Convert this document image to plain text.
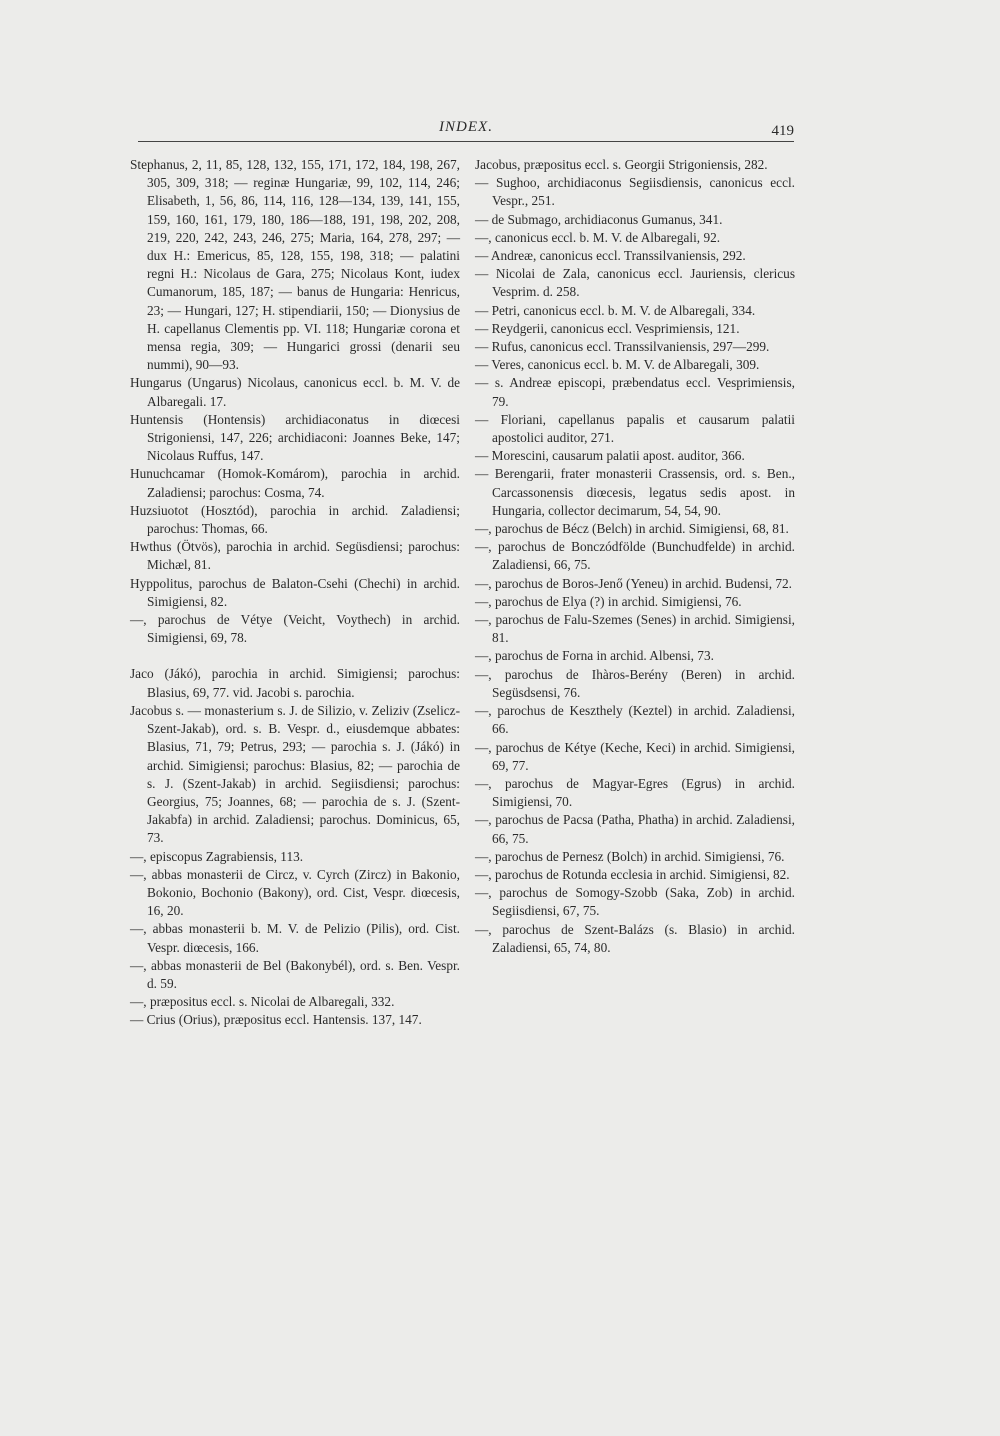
INDEX.	419

Stephanus, 2, 11, 85, 128, 132, 155, 171, 172, 184, 198, 267, 305, 309, 318; — reginæ Hungariæ, 99, 102, 114, 246; Elisabeth, 1, 56, 86, 114, 116, 128—134, 139, 141, 155, 159, 160, 161, 179, 180, 186—188, 191, 198, 202, 208, 219, 220, 242, 243, 246, 275; Maria, 164, 278, 297; — dux H.: Emericus, 85, 128, 155, 198, 318; — palatini regni H.: Nicolaus de Gara, 275; Nicolaus Kont, iudex Cumanorum, 185, 187; — banus de Hungaria: Henricus, 23; — Hungari, 127; H. stipendiarii, 150; — Dionysius de H. capellanus Clementis pp. VI. 118; Hungariæ corona et mensa regia, 309; — Hungarici grossi (denarii seu nummi), 90—93.

Hungarus (Ungarus) Nicolaus, canonicus eccl. b. M. V. de Albaregali. 17.

Huntensis (Hontensis) archidiaconatus in diœcesi Strigoniensi, 147, 226; archidiaconi: Joannes Beke, 147; Nicolaus Ruffus, 147.

Hunuchcamar (Homok-Komárom), parochia in archid. Zaladiensi; parochus: Cosma, 74.

Huzsiuotot (Hosztód), parochia in archid. Zaladiensi; parochus: Thomas, 66.

Hwthus (Ötvös), parochia in archid. Següsdiensi; parochus: Michæl, 81.

Hyppolitus, parochus de Balaton-Csehi (Chechi) in archid. Simigiensi, 82.

—, parochus de Vétye (Veicht, Voythech) in archid. Simigiensi, 69, 78.

Jaco (Jákó), parochia in archid. Simigiensi; parochus: Blasius, 69, 77. vid. Jacobi s. parochia.

Jacobus s. — monasterium s. J. de Silizio, v. Zeliziv (Zselicz-Szent-Jakab), ord. s. B. Vespr. d., eiusdemque abbates: Blasius, 71, 79; Petrus, 293; — parochia s. J. (Jákó) in archid. Simigiensi; parochus: Blasius, 82; — parochia de s. J. (Szent-Jakab) in archid. Segiisdiensi; parochus: Georgius, 75; Joannes, 68; — parochia de s. J. (Szent-Jakabfa) in archid. Zaladiensi; parochus. Dominicus, 65, 73.

—, episcopus Zagrabiensis, 113.

—, abbas monasterii de Circz, v. Cyrch (Zircz) in Bakonio, Bokonio, Bochonio (Bakony), ord. Cist, Vespr. diœcesis, 16, 20.

—, abbas monasterii b. M. V. de Pelizio (Pilis), ord. Cist. Vespr. diœcesis, 166.

—, abbas monasterii de Bel (Bakonybél), ord. s. Ben. Vespr. d. 59.

—, præpositus eccl. s. Nicolai de Albaregali, 332.

— Crius (Orius), præpositus eccl. Hantensis. 137, 147.

Jacobus, præpositus eccl. s. Georgii Strigoniensis, 282.

— Sughoo, archidiaconus Segiisdiensis, canonicus eccl. Vespr., 251.

— de Submago, archidiaconus Gumanus, 341.

—, canonicus eccl. b. M. V. de Albaregali, 92.

— Andreæ, canonicus eccl. Transsilvaniensis, 292.

— Nicolai de Zala, canonicus eccl. Jauriensis, clericus Vesprim. d. 258.

— Petri, canonicus eccl. b. M. V. de Albaregali, 334.

— Reydgerii, canonicus eccl. Vesprimiensis, 121.

— Rufus, canonicus eccl. Transsilvaniensis, 297—299.

— Veres, canonicus eccl. b. M. V. de Albaregali, 309.

— s. Andreæ episcopi, præbendatus eccl. Vesprimiensis, 79.

— Floriani, capellanus papalis et causarum palatii apostolici auditor, 271.

— Morescini, causarum palatii apost. auditor, 366.

— Berengarii, frater monasterii Crassensis, ord. s. Ben., Carcassonensis diœcesis, legatus sedis apost. in Hungaria, collector decimarum, 54, 54, 90.

—, parochus de Bécz (Belch) in archid. Simigiensi, 68, 81.

—, parochus de Bonczódfölde (Bunchudfelde) in archid. Zaladiensi, 66, 75.

—, parochus de Boros-Jenő (Yeneu) in archid. Budensi, 72.

—, parochus de Elya (?) in archid. Simigiensi, 76.

—, parochus de Falu-Szemes (Senes) in archid. Simigiensi, 81.

—, parochus de Forna in archid. Albensi, 73.

—, parochus de Ihàros-Berény (Beren) in archid. Següsdsensi, 76.

—, parochus de Keszthely (Keztel) in archid. Zaladiensi, 66.

—, parochus de Kétye (Keche, Keci) in archid. Simigiensi, 69, 77.

—, parochus de Magyar-Egres (Egrus) in archid. Simigiensi, 70.

—, parochus de Pacsa (Patha, Phatha) in archid. Zaladiensi, 66, 75.

—, parochus de Pernesz (Bolch) in archid. Simigiensi, 76.

—, parochus de Rotunda ecclesia in archid. Simigiensi, 82.

—, parochus de Somogy-Szobb (Saka, Zob) in archid. Segiisdiensi, 67, 75.

—, parochus de Szent-Balázs (s. Blasio) in archid. Zaladiensi, 65, 74, 80.
